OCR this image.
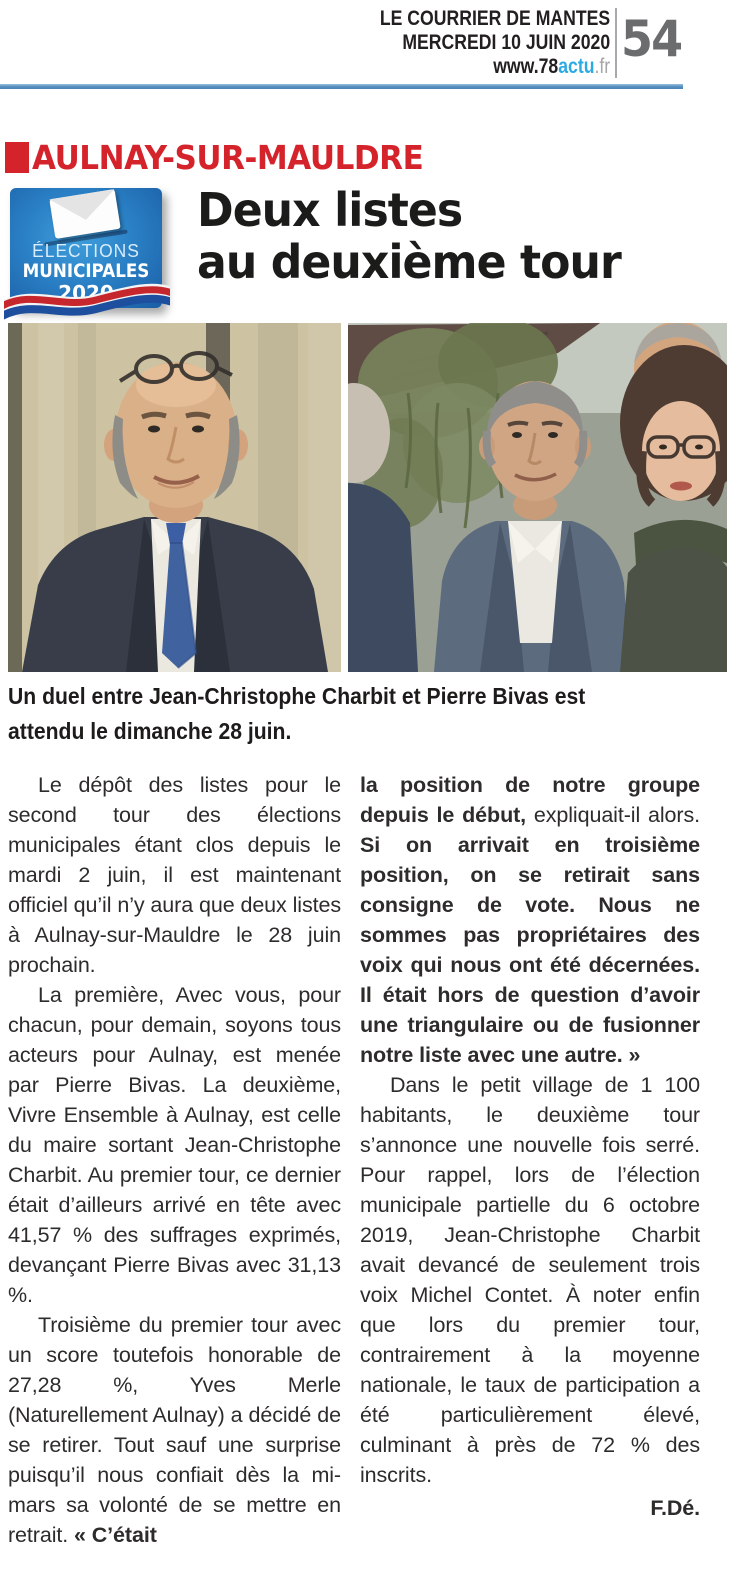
LE COURRIER DE MANTES
MERCREDI 10 JUIN 2020
www.78actu.fr 54
AULNAY-SUR-MAULDRE
ÉLECTIONS
MUNICIPALES
2020
Deux listes
au deuxième tour

Un duel entre Jean-Christophe Charbit et Pierre Bivas est
attendu le dimanche 28 juin.

Le dépôt des listes pour le second tour des élections municipales étant clos depuis le mardi 2 juin, il est maintenant officiel qu’il n’y aura que deux listes à Aulnay-sur-Mauldre le 28 juin prochain.

La première, Avec vous, pour chacun, pour demain, soyons tous acteurs pour Aulnay, est menée par Pierre Bivas. La deuxième, Vivre Ensemble à Aulnay, est celle du maire sortant Jean-Christophe Charbit. Au premier tour, ce dernier était d’ailleurs arrivé en tête avec 41,57 % des suffrages exprimés, devançant Pierre Bivas avec 31,13 %.

Troisième du premier tour avec un score toutefois honorable de 27,28 %, Yves Merle (Naturellement Aulnay) a décidé de se retirer. Tout sauf une surprise puisqu’il nous confiait dès la mi-mars sa volonté de se mettre en retrait. « C’était

la position de notre groupe depuis le début, expliquait-il alors. Si on arrivait en troisième position, on se retirait sans consigne de vote. Nous ne sommes pas propriétaires des voix qui nous ont été décernées. Il était hors de question d’avoir une triangulaire ou de fusionner notre liste avec une autre. »

Dans le petit village de 1 100 habitants, le deuxième tour s’annonce une nouvelle fois serré. Pour rappel, lors de l’élection municipale partielle du 6 octobre 2019, Jean-Christophe Charbit avait devancé de seulement trois voix Michel Contet. À noter enfin que lors du premier tour, contrairement à la moyenne nationale, le taux de participation a été particulièrement élevé, culminant à près de 72 % des inscrits.

F.Dé.
